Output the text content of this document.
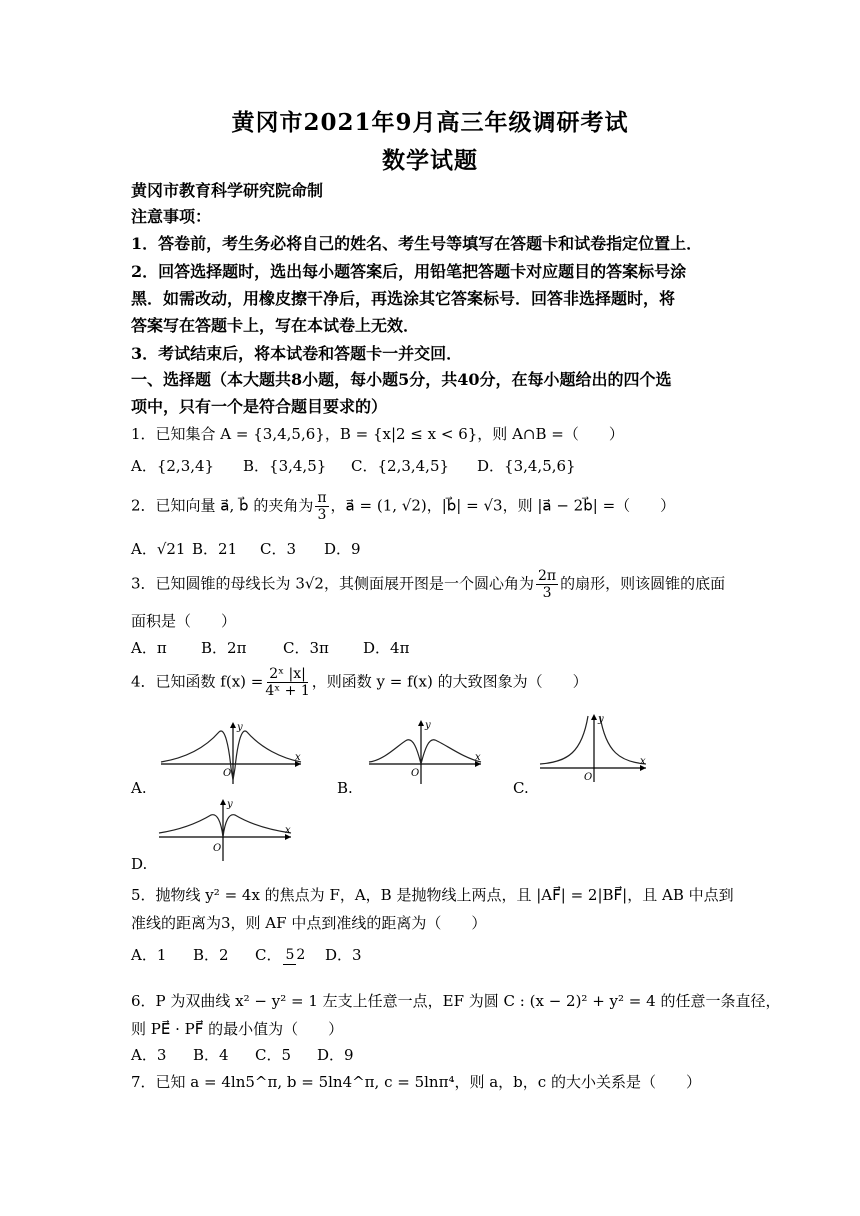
黄冈市2021年9月高三年级调研考试
数学试题
黄冈市教育科学研究院命制
注意事项：
1．答卷前，考生务必将自己的姓名、考生号等填写在答题卡和试卷指定位置上．
2．回答选择题时，选出每小题答案后，用铅笔把答题卡对应题目的答案标号涂
黑．如需改动，用橡皮擦干净后，再选涂其它答案标号．回答非选择题时，将
答案写在答题卡上，写在本试卷上无效．
3．考试结束后，将本试卷和答题卡一并交回．
一、选择题（本大题共8小题，每小题5分，共40分，在每小题给出的四个选
项中，只有一个是符合题目要求的）
1．已知集合 A = {3,4,5,6}，B = {x|2 ≤ x < 6}，则 A∩B =（　　）
A．{2,3,4} B．{3,4,5} C．{2,3,4,5} D．{3,4,5,6}
2．已知向量 a⃗, b⃗ 的夹角为 $\frac{\pi}{3}$ ，a⃗ = (1, √2)，|b⃗| = √3，则 |a⃗ − 2b⃗| =（　　）
A．√21 B．21 C．3 D．9
3．已知圆锥的母线长为 3√2，其侧面展开图是一个圆心角为 $\frac{2\pi}{3}$ 的扇形，则该圆锥的底面
面积是（　　）
A．π B．2π C．3π D．4π
4．已知函数 $f(x) = \frac{\text{2ˣ |x|}}{\text{4ˣ + 1}}$ ，则函数 y = f(x) 的大致图象为（　　）
A.
x
y
O
B.
x
y
O
C.
x
y
O
D.
x
y
O
5．抛物线 y² = 4x 的焦点为 F，A，B 是抛物线上两点，且 |AF⃗| = 2|BF⃗|，且 AB 中点到
准线的距离为3，则 AF 中点到准线的距离为（　　）
A．1 B．2 C． 5 2 D．3
6．P 为双曲线 x² − y² = 1 左支上任意一点，EF 为圆 C : (x − 2)² + y² = 4 的任意一条直径，
则 PE⃗ · PF⃗ 的最小值为（　　）
A．3 B．4 C．5 D．9
7．已知 a = 4ln5^π, b = 5ln4^π, c = 5lnπ⁴，则 a，b，c 的大小关系是（　　）
